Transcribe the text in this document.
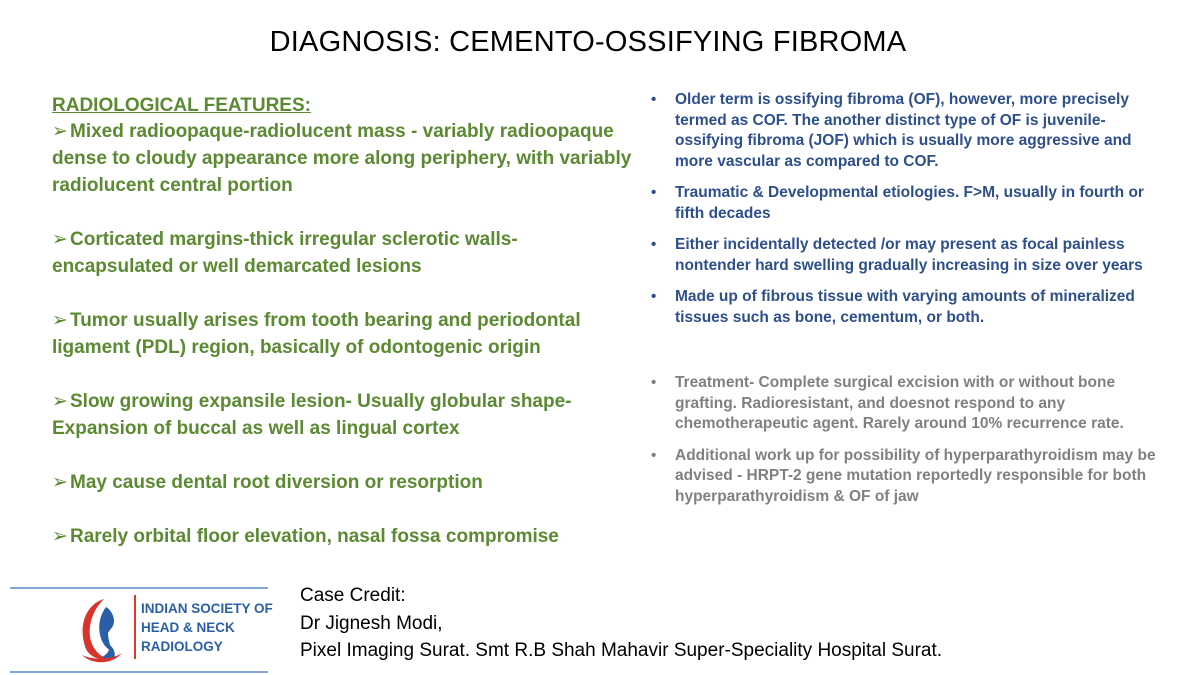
DIAGNOSIS: CEMENTO-OSSIFYING FIBROMA

RADIOLOGICAL FEATURES:

➢ Mixed radioopaque-radiolucent mass - variably radioopaque dense to cloudy appearance more along periphery, with variably radiolucent central portion

➢ Corticated margins-thick irregular sclerotic walls- encapsulated or well demarcated lesions

➢ Tumor usually arises from tooth bearing and periodontal ligament (PDL) region, basically of odontogenic origin

➢ Slow growing expansile lesion- Usually globular shape- Expansion of buccal as well as lingual cortex

➢ May cause dental root diversion or resorption

➢ Rarely orbital floor elevation, nasal fossa compromise

• Older term is ossifying fibroma (OF), however, more precisely termed as COF. The another distinct type of OF is juvenile-ossifying fibroma (JOF) which is usually more aggressive and more vascular as compared to COF.
• Traumatic & Developmental etiologies. F>M, usually in fourth or fifth decades
• Either incidentally detected /or may present as focal painless nontender hard swelling gradually increasing in size over years
• Made up of fibrous tissue with varying amounts of mineralized tissues such as bone, cementum, or both.
• Treatment- Complete surgical excision with or without bone grafting. Radioresistant, and doesnot respond to any chemotherapeutic agent. Rarely around 10% recurrence rate.
• Additional work up for possibility of hyperparathyroidism may be advised - HRPT-2 gene mutation reportedly responsible for both hyperparathyroidism & OF of jaw
INDIAN SOCIETY OF
HEAD & NECK
RADIOLOGY
Case Credit:
Dr Jignesh Modi,
Pixel Imaging Surat. Smt R.B Shah Mahavir Super-Speciality Hospital Surat.
